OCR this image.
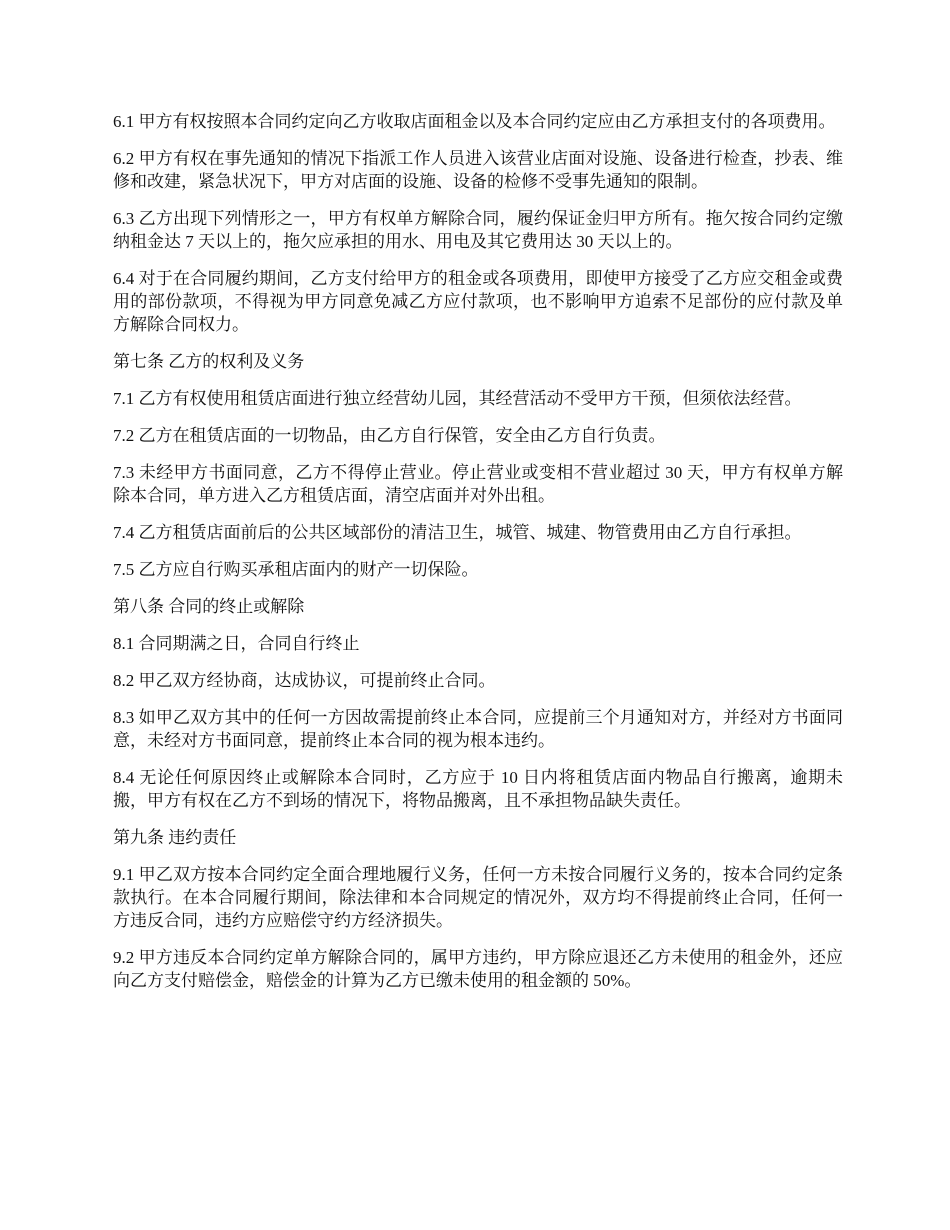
6.1 甲方有权按照本合同约定向乙方收取店面租金以及本合同约定应由乙方承担支付的各项费用。

6.2 甲方有权在事先通知的情况下指派工作人员进入该营业店面对设施、设备进行检查，抄表、维修和改建，紧急状况下，甲方对店面的设施、设备的检修不受事先通知的限制。

6.3 乙方出现下列情形之一，甲方有权单方解除合同，履约保证金归甲方所有。拖欠按合同约定缴纳租金达 7 天以上的，拖欠应承担的用水、用电及其它费用达 30 天以上的。

6.4 对于在合同履约期间，乙方支付给甲方的租金或各项费用，即使甲方接受了乙方应交租金或费用的部份款项，不得视为甲方同意免减乙方应付款项，也不影响甲方追索不足部份的应付款及单方解除合同权力。

第七条 乙方的权利及义务

7.1 乙方有权使用租赁店面进行独立经营幼儿园，其经营活动不受甲方干预，但须依法经营。

7.2 乙方在租赁店面的一切物品，由乙方自行保管，安全由乙方自行负责。

7.3 未经甲方书面同意，乙方不得停止营业。停止营业或变相不营业超过 30 天，甲方有权单方解除本合同，单方进入乙方租赁店面，清空店面并对外出租。

7.4 乙方租赁店面前后的公共区域部份的清洁卫生，城管、城建、物管费用由乙方自行承担。

7.5 乙方应自行购买承租店面内的财产一切保险。

第八条 合同的终止或解除

8.1 合同期满之日，合同自行终止

8.2 甲乙双方经协商，达成协议，可提前终止合同。

8.3 如甲乙双方其中的任何一方因故需提前终止本合同，应提前三个月通知对方，并经对方书面同意，未经对方书面同意，提前终止本合同的视为根本违约。

8.4 无论任何原因终止或解除本合同时，乙方应于 10 日内将租赁店面内物品自行搬离，逾期未搬，甲方有权在乙方不到场的情况下，将物品搬离，且不承担物品缺失责任。

第九条 违约责任

9.1 甲乙双方按本合同约定全面合理地履行义务，任何一方未按合同履行义务的，按本合同约定条款执行。在本合同履行期间，除法律和本合同规定的情况外，双方均不得提前终止合同，任何一方违反合同，违约方应赔偿守约方经济损失。

9.2 甲方违反本合同约定单方解除合同的，属甲方违约，甲方除应退还乙方未使用的租金外，还应向乙方支付赔偿金，赔偿金的计算为乙方已缴未使用的租金额的 50%。
